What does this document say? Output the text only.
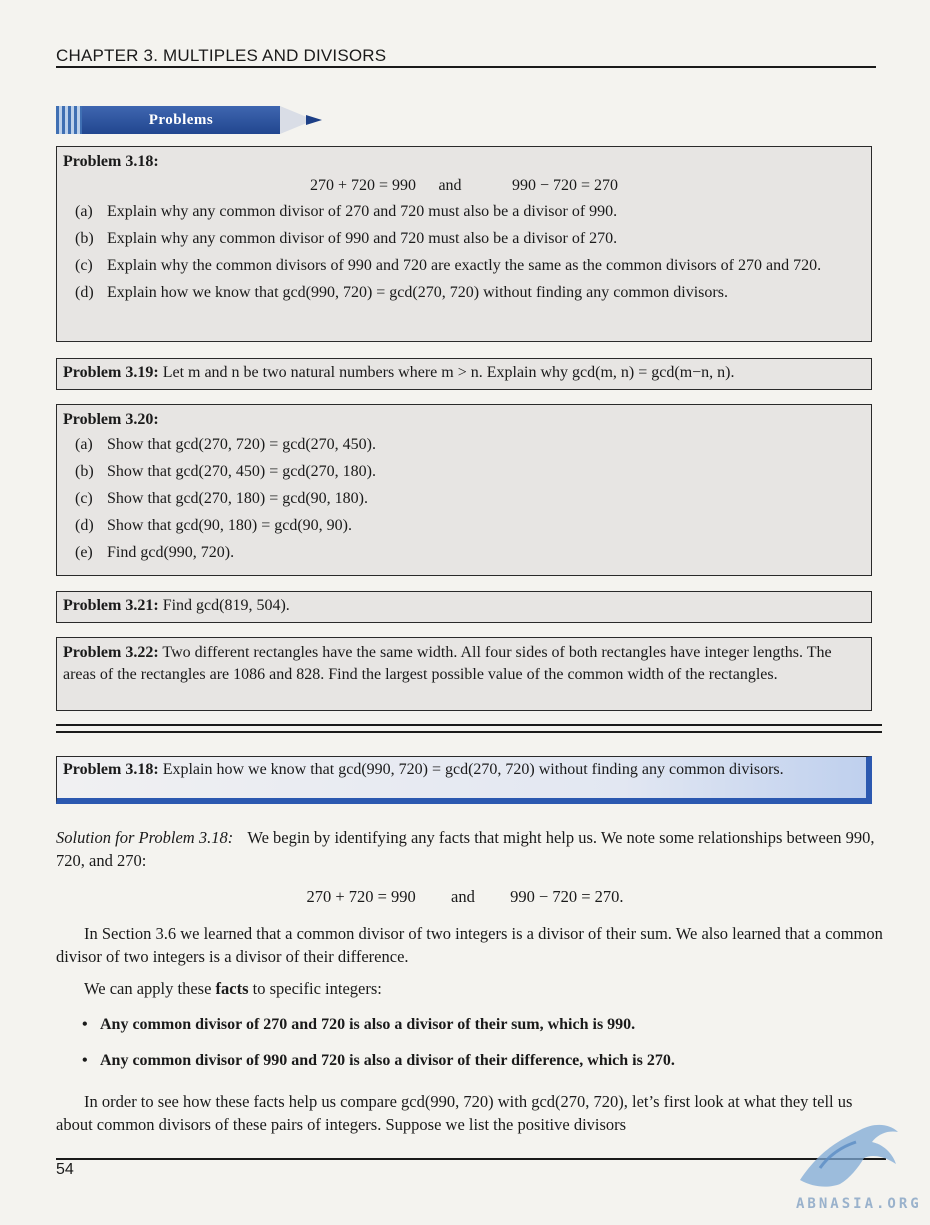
CHAPTER 3. MULTIPLES AND DIVISORS
Problems
Problem 3.18:
270 + 720 = 990 and	990 − 720 = 270
(a) Explain why any common divisor of 270 and 720 must also be a divisor of 990.
(b) Explain why any common divisor of 990 and 720 must also be a divisor of 270.
(c) Explain why the common divisors of 990 and 720 are exactly the same as the common divisors of 270 and 720.
(d) Explain how we know that gcd(990, 720) = gcd(270, 720) without finding any common divisors.
Problem 3.19: Let m and n be two natural numbers where m > n. Explain why gcd(m, n) = gcd(m−n, n).
Problem 3.20:
(a) Show that gcd(270, 720) = gcd(270, 450).
(b) Show that gcd(270, 450) = gcd(270, 180).
(c) Show that gcd(270, 180) = gcd(90, 180).
(d) Show that gcd(90, 180) = gcd(90, 90).
(e) Find gcd(990, 720).
Problem 3.21: Find gcd(819, 504).
Problem 3.22: Two different rectangles have the same width. All four sides of both rectangles have integer lengths. The areas of the rectangles are 1086 and 828. Find the largest possible value of the common width of the rectangles.
Problem 3.18: Explain how we know that gcd(990, 720) = gcd(270, 720) without finding any common divisors.
Solution for Problem 3.18: We begin by identifying any facts that might help us. We note some relationships between 990, 720, and 270:
270 + 720 = 990 and 990 − 720 = 270.
In Section 3.6 we learned that a common divisor of two integers is a divisor of their sum. We also learned that a common divisor of two integers is a divisor of their difference.
We can apply these facts to specific integers:
• Any common divisor of 270 and 720 is also a divisor of their sum, which is 990.
• Any common divisor of 990 and 720 is also a divisor of their difference, which is 270.
In order to see how these facts help us compare gcd(990, 720) with gcd(270, 720), let’s first look at what they tell us about common divisors of these pairs of integers. Suppose we list the positive divisors
54
ABNASIA.ORG
